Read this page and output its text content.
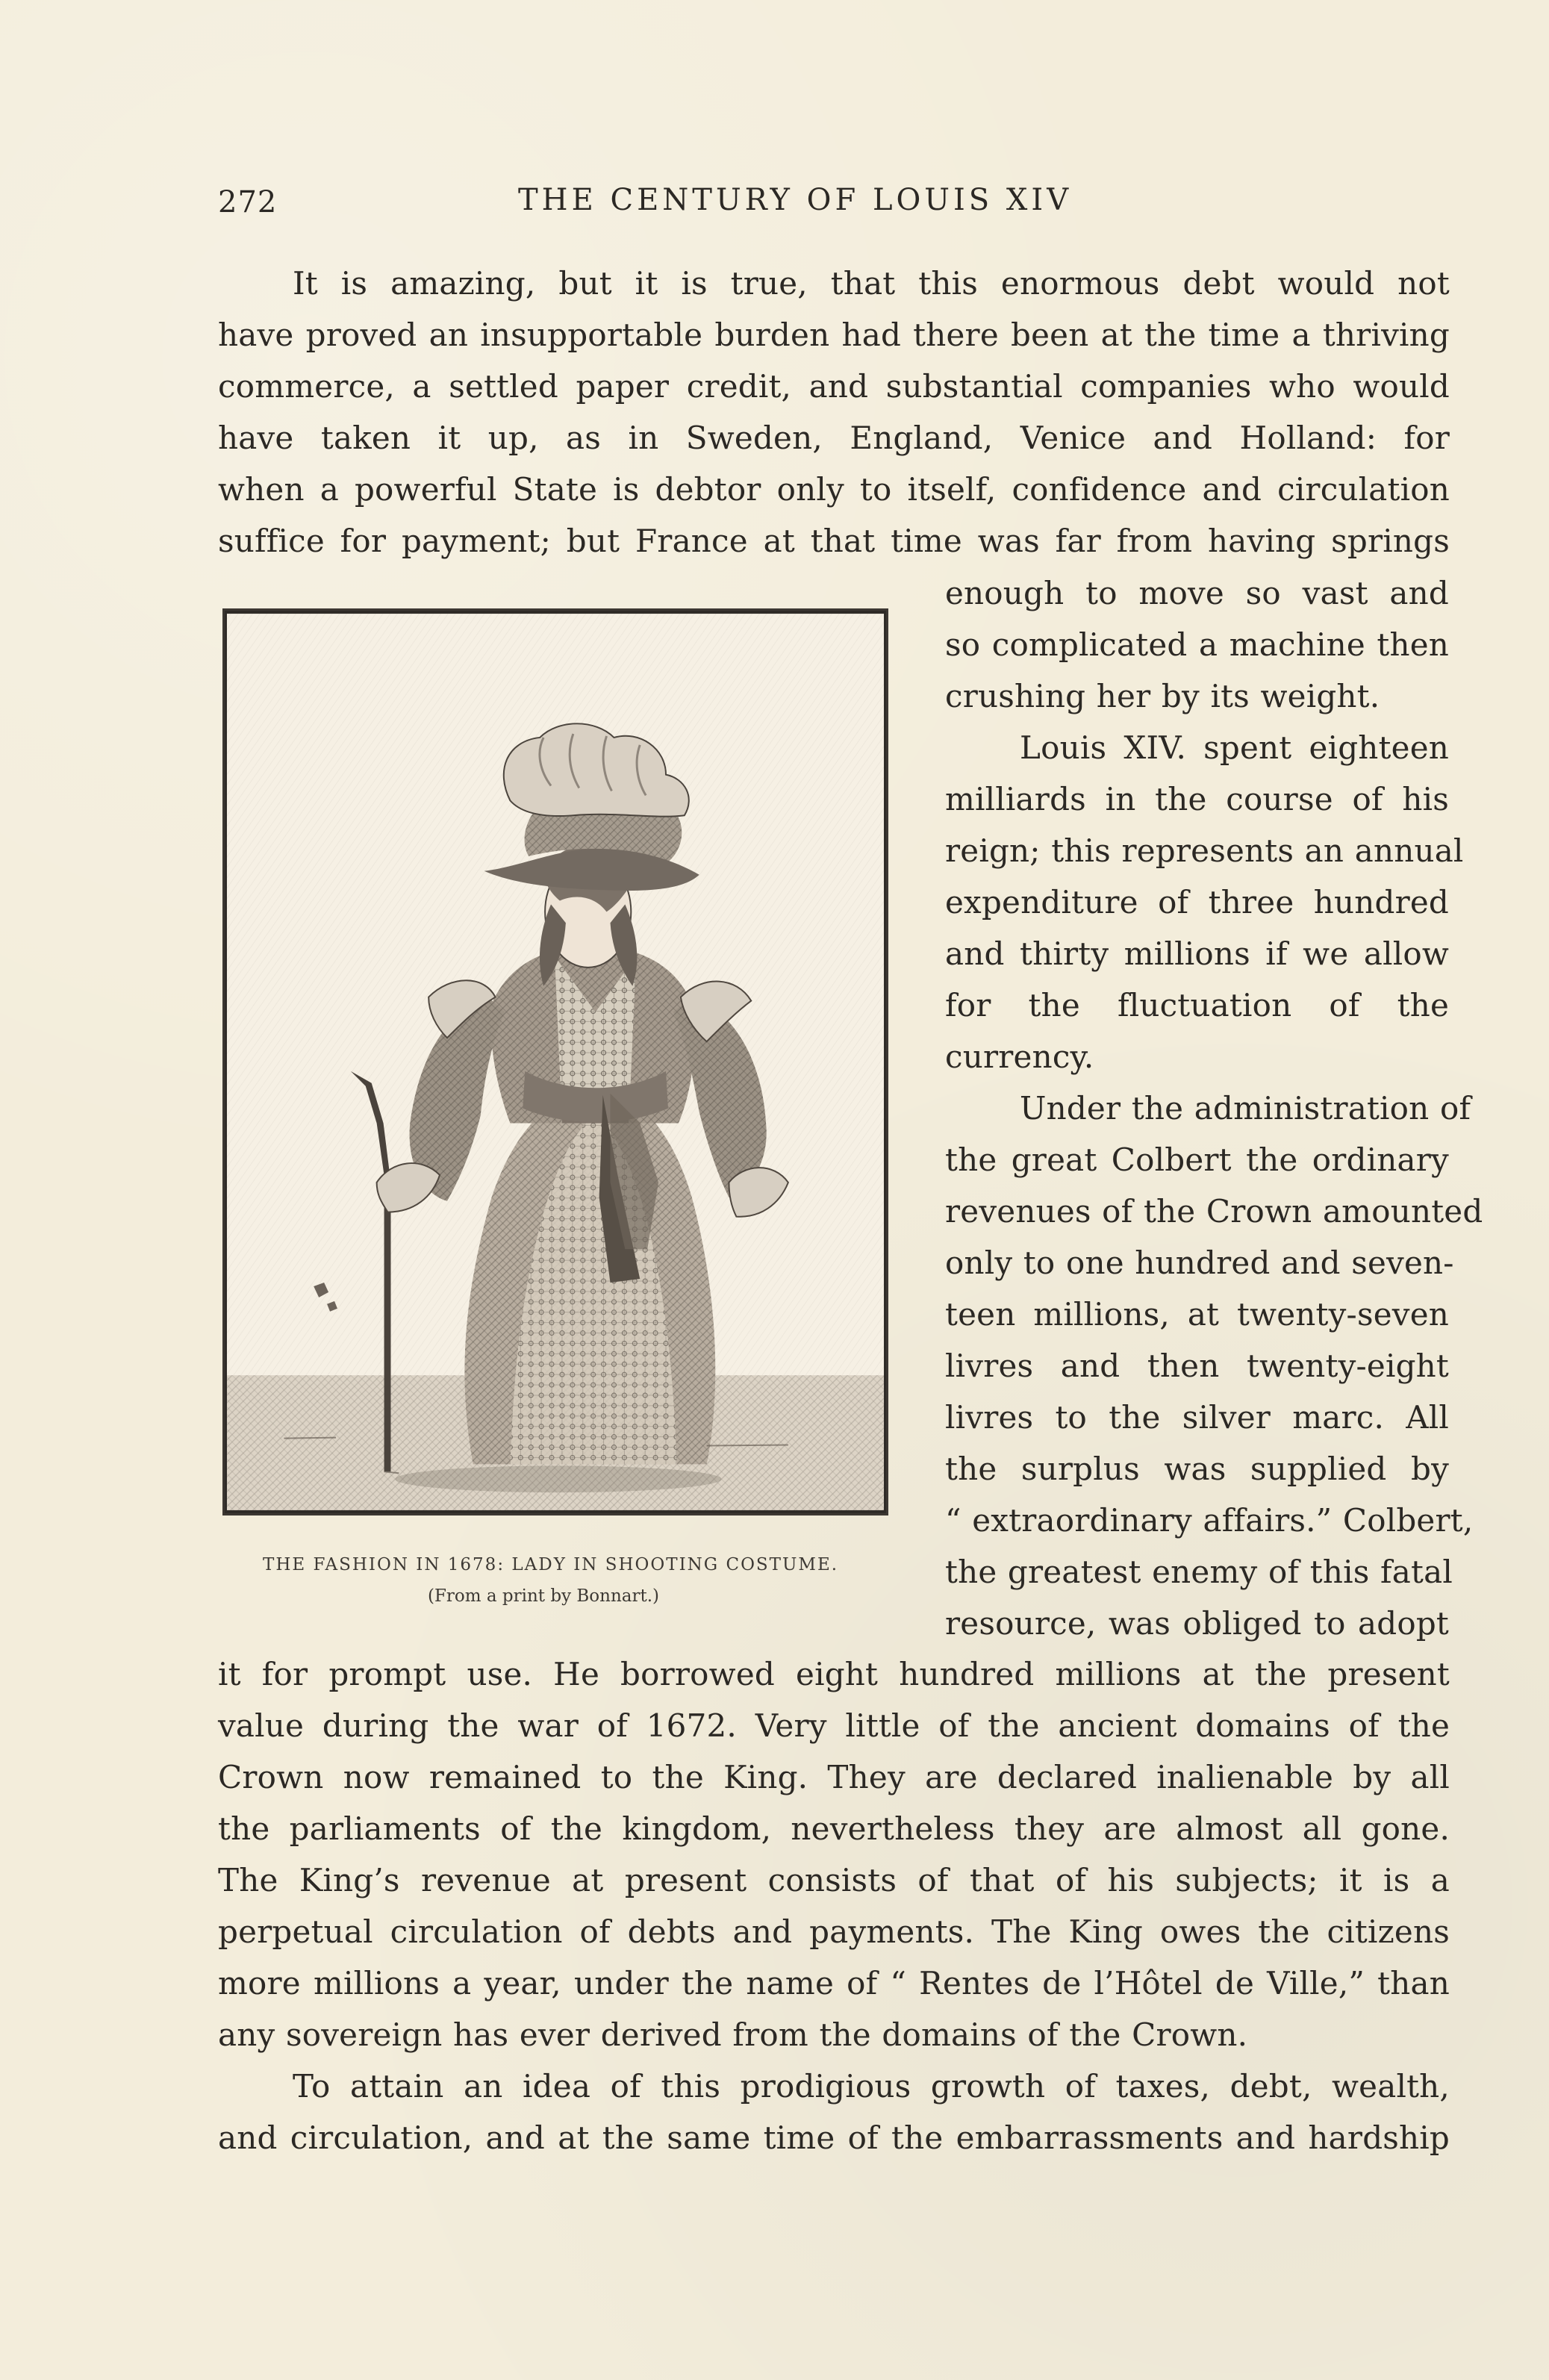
272	THE CENTURY OF LOUIS XIV
It is amazing, but it is true, that this enormous debt would not
have proved an insupportable burden had there been at the time a thriving
commerce, a settled paper credit, and substantial companies who would
have taken it up, as in Sweden, England, Venice and Holland: for
when a powerful State is debtor only to itself, confidence and circulation
suffice for payment; but France at that time was far from having springs
THE FASHION IN 1678: LADY IN SHOOTING COSTUME.
(From a print by Bonnart.)
enough to move so vast and
so complicated a machine then
crushing her by its weight.
Louis XIV. spent eighteen
milliards in the course of his
reign; this represents an annual
expenditure of three hundred
and thirty millions if we allow
for the fluctuation of the
currency.
Under the administration of
the great Colbert the ordinary
revenues of the Crown amounted
only to one hundred and seven-
teen millions, at twenty-seven
livres and then twenty-eight
livres to the silver marc. All
the surplus was supplied by
“ extraordinary affairs.” Colbert,
the greatest enemy of this fatal
resource, was obliged to adopt
it for prompt use. He borrowed eight hundred millions at the present
value during the war of 1672. Very little of the ancient domains of the
Crown now remained to the King. They are declared inalienable by all
the parliaments of the kingdom, nevertheless they are almost all gone.
The King’s revenue at present consists of that of his subjects; it is a
perpetual circulation of debts and payments. The King owes the citizens
more millions a year, under the name of “ Rentes de l’Hôtel de Ville,” than
any sovereign has ever derived from the domains of the Crown.
To attain an idea of this prodigious growth of taxes, debt, wealth,
and circulation, and at the same time of the embarrassments and hardship
